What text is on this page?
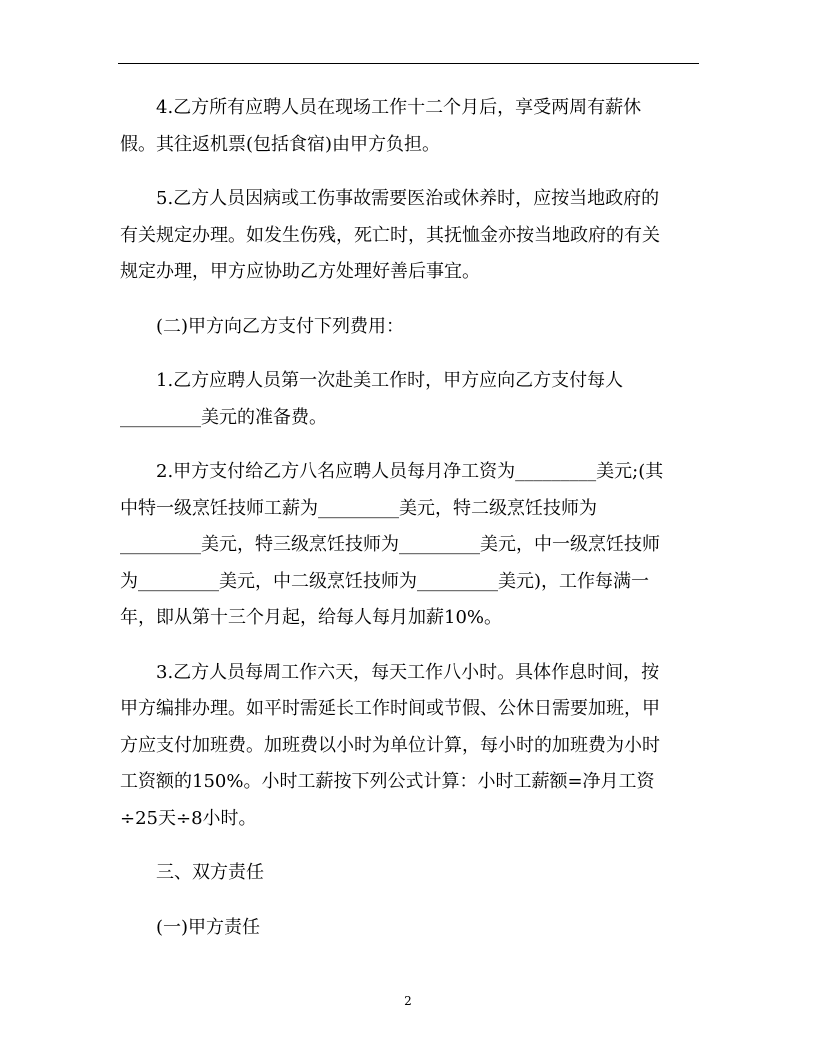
4.乙方所有应聘人员在现场工作十二个月后，享受两周有薪休
假。其往返机票(包括食宿)由甲方负担。

5.乙方人员因病或工伤事故需要医治或休养时，应按当地政府的
有关规定办理。如发生伤残，死亡时，其抚恤金亦按当地政府的有关
规定办理，甲方应协助乙方处理好善后事宜。

(二)甲方向乙方支付下列费用：

1.乙方应聘人员第一次赴美工作时，甲方应向乙方支付每人
_________美元的准备费。

2.甲方支付给乙方八名应聘人员每月净工资为_________美元;(其
中特一级烹饪技师工薪为_________美元，特二级烹饪技师为
_________美元，特三级烹饪技师为_________美元，中一级烹饪技师
为_________美元，中二级烹饪技师为_________美元)，工作每满一
年，即从第十三个月起，给每人每月加薪10%。

3.乙方人员每周工作六天，每天工作八小时。具体作息时间，按
甲方编排办理。如平时需延长工作时间或节假、公休日需要加班，甲
方应支付加班费。加班费以小时为单位计算，每小时的加班费为小时
工资额的150%。小时工薪按下列公式计算：小时工薪额=净月工资
÷25天÷8小时。

三、双方责任

(一)甲方责任

2
